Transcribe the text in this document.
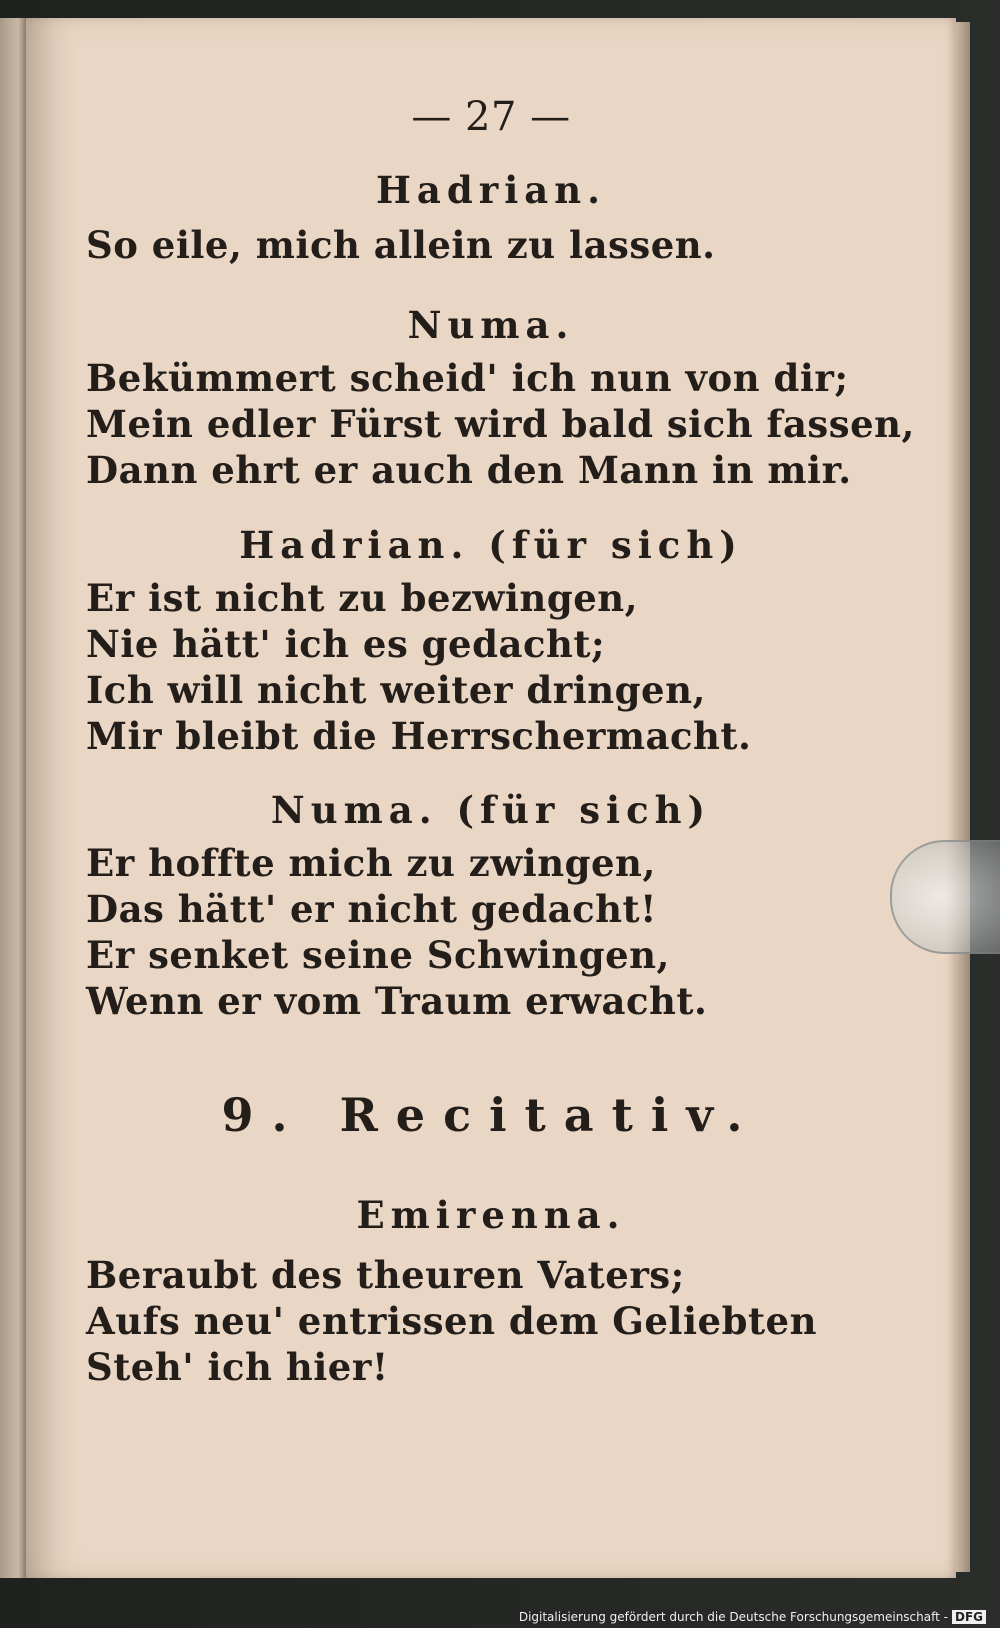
— 27 —
Hadrian.
So eile, mich allein zu lassen.
Numa.
Bekümmert scheid' ich nun von dir;
Mein edler Fürst wird bald sich fassen,
Dann ehrt er auch den Mann in mir.
Hadrian. (für sich)
Er ist nicht zu bezwingen,
Nie hätt' ich es gedacht;
Ich will nicht weiter dringen,
Mir bleibt die Herrschermacht.
Numa. (für sich)
Er hoffte mich zu zwingen,
Das hätt' er nicht gedacht!
Er senket seine Schwingen,
Wenn er vom Traum erwacht.
9. Recitativ.
Emirenna.
Beraubt des theuren Vaters;
Aufs neu' entrissen dem Geliebten
Steh' ich hier!
Digitalisierung gefördert durch die Deutsche Forschungsgemeinschaft - DFG
